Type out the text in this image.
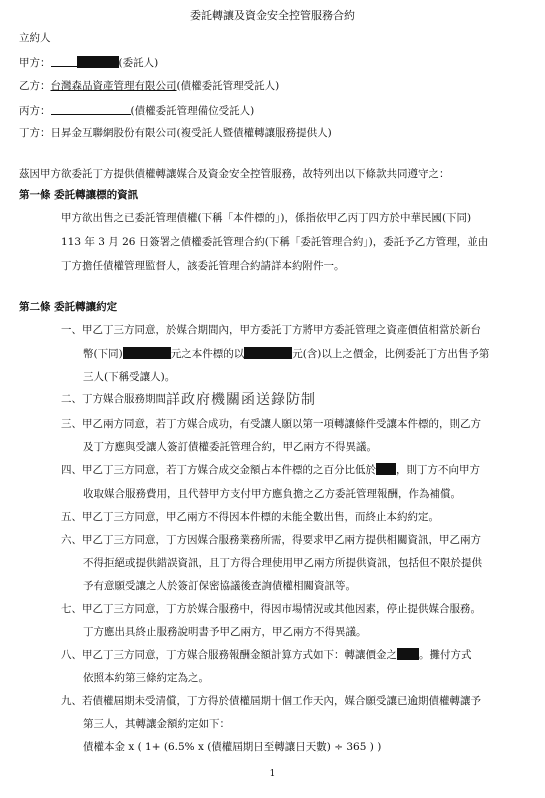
委託轉讓及資金安全控管服務合約
立約人
甲方：	(委託人)
乙方：台灣森品資產管理有限公司(債權委託管理受託人)
丙方：	(債權委託管理備位受託人)
丁方：日昇金互聯網股份有限公司(複受託人暨債權轉讓服務提供人)
茲因甲方欲委託丁方提供債權轉讓媒合及資金安全控管服務，故特列出以下條款共同遵守之：
第一條 委託轉讓標的資訊
甲方欲出售之已委託管理債權(下稱「本件標的」)，係指依甲乙丙丁四方於中華民國(下同)
113 年 3 月 26 日簽署之債權委託管理合約(下稱「委託管理合約」)，委託予乙方管理，並由
丁方擔任債權管理監督人，該委託管理合約請詳本約附件一。
第二條 委託轉讓約定
一、甲乙丁三方同意，於媒合期間內，甲方委託丁方將甲方委託管理之資產價值相當於新台
幣(下同)	元之本件標的以	元(含)以上之價金，比例委託丁方出售予第
三人(下稱受讓人)。
二、丁方媒合服務期間詳政府機關函送錄防制
三、甲乙兩方同意，若丁方媒合成功，有受讓人願以第一項轉讓條件受讓本件標的，則乙方
及丁方應與受讓人簽訂債權委託管理合約，甲乙兩方不得異議。
四、甲乙丁三方同意，若丁方媒合成交金額占本件標的之百分比低於 ，則丁方不向甲方
收取媒合服務費用，且代替甲方支付甲方應負擔之乙方委託管理報酬，作為補償。
五、甲乙丁三方同意，甲乙兩方不得因本件標的未能全數出售，而終止本約約定。
六、甲乙丁三方同意，丁方因媒合服務業務所需，得要求甲乙兩方提供相關資訊，甲乙兩方
不得拒絕或提供錯誤資訊，且丁方得合理使用甲乙兩方所提供資訊，包括但不限於提供
予有意願受讓之人於簽訂保密協議後查詢債權相關資訊等。
七、甲乙丁三方同意，丁方於媒合服務中，得因市場情況或其他因素，停止提供媒合服務。
丁方應出具終止服務說明書予甲乙兩方，甲乙兩方不得異議。
八、甲乙丁三方同意，丁方媒合服務報酬金額計算方式如下：轉讓價金之 。攤付方式
依照本約第三條約定為之。
九、若債權屆期未受清償，丁方得於債權屆期十個工作天內，媒合願受讓已逾期債權轉讓予
第三人，其轉讓金額約定如下：
債權本金 x ( 1+ (6.5% x (債權屆期日至轉讓日天數) ÷ 365 ) )
1
